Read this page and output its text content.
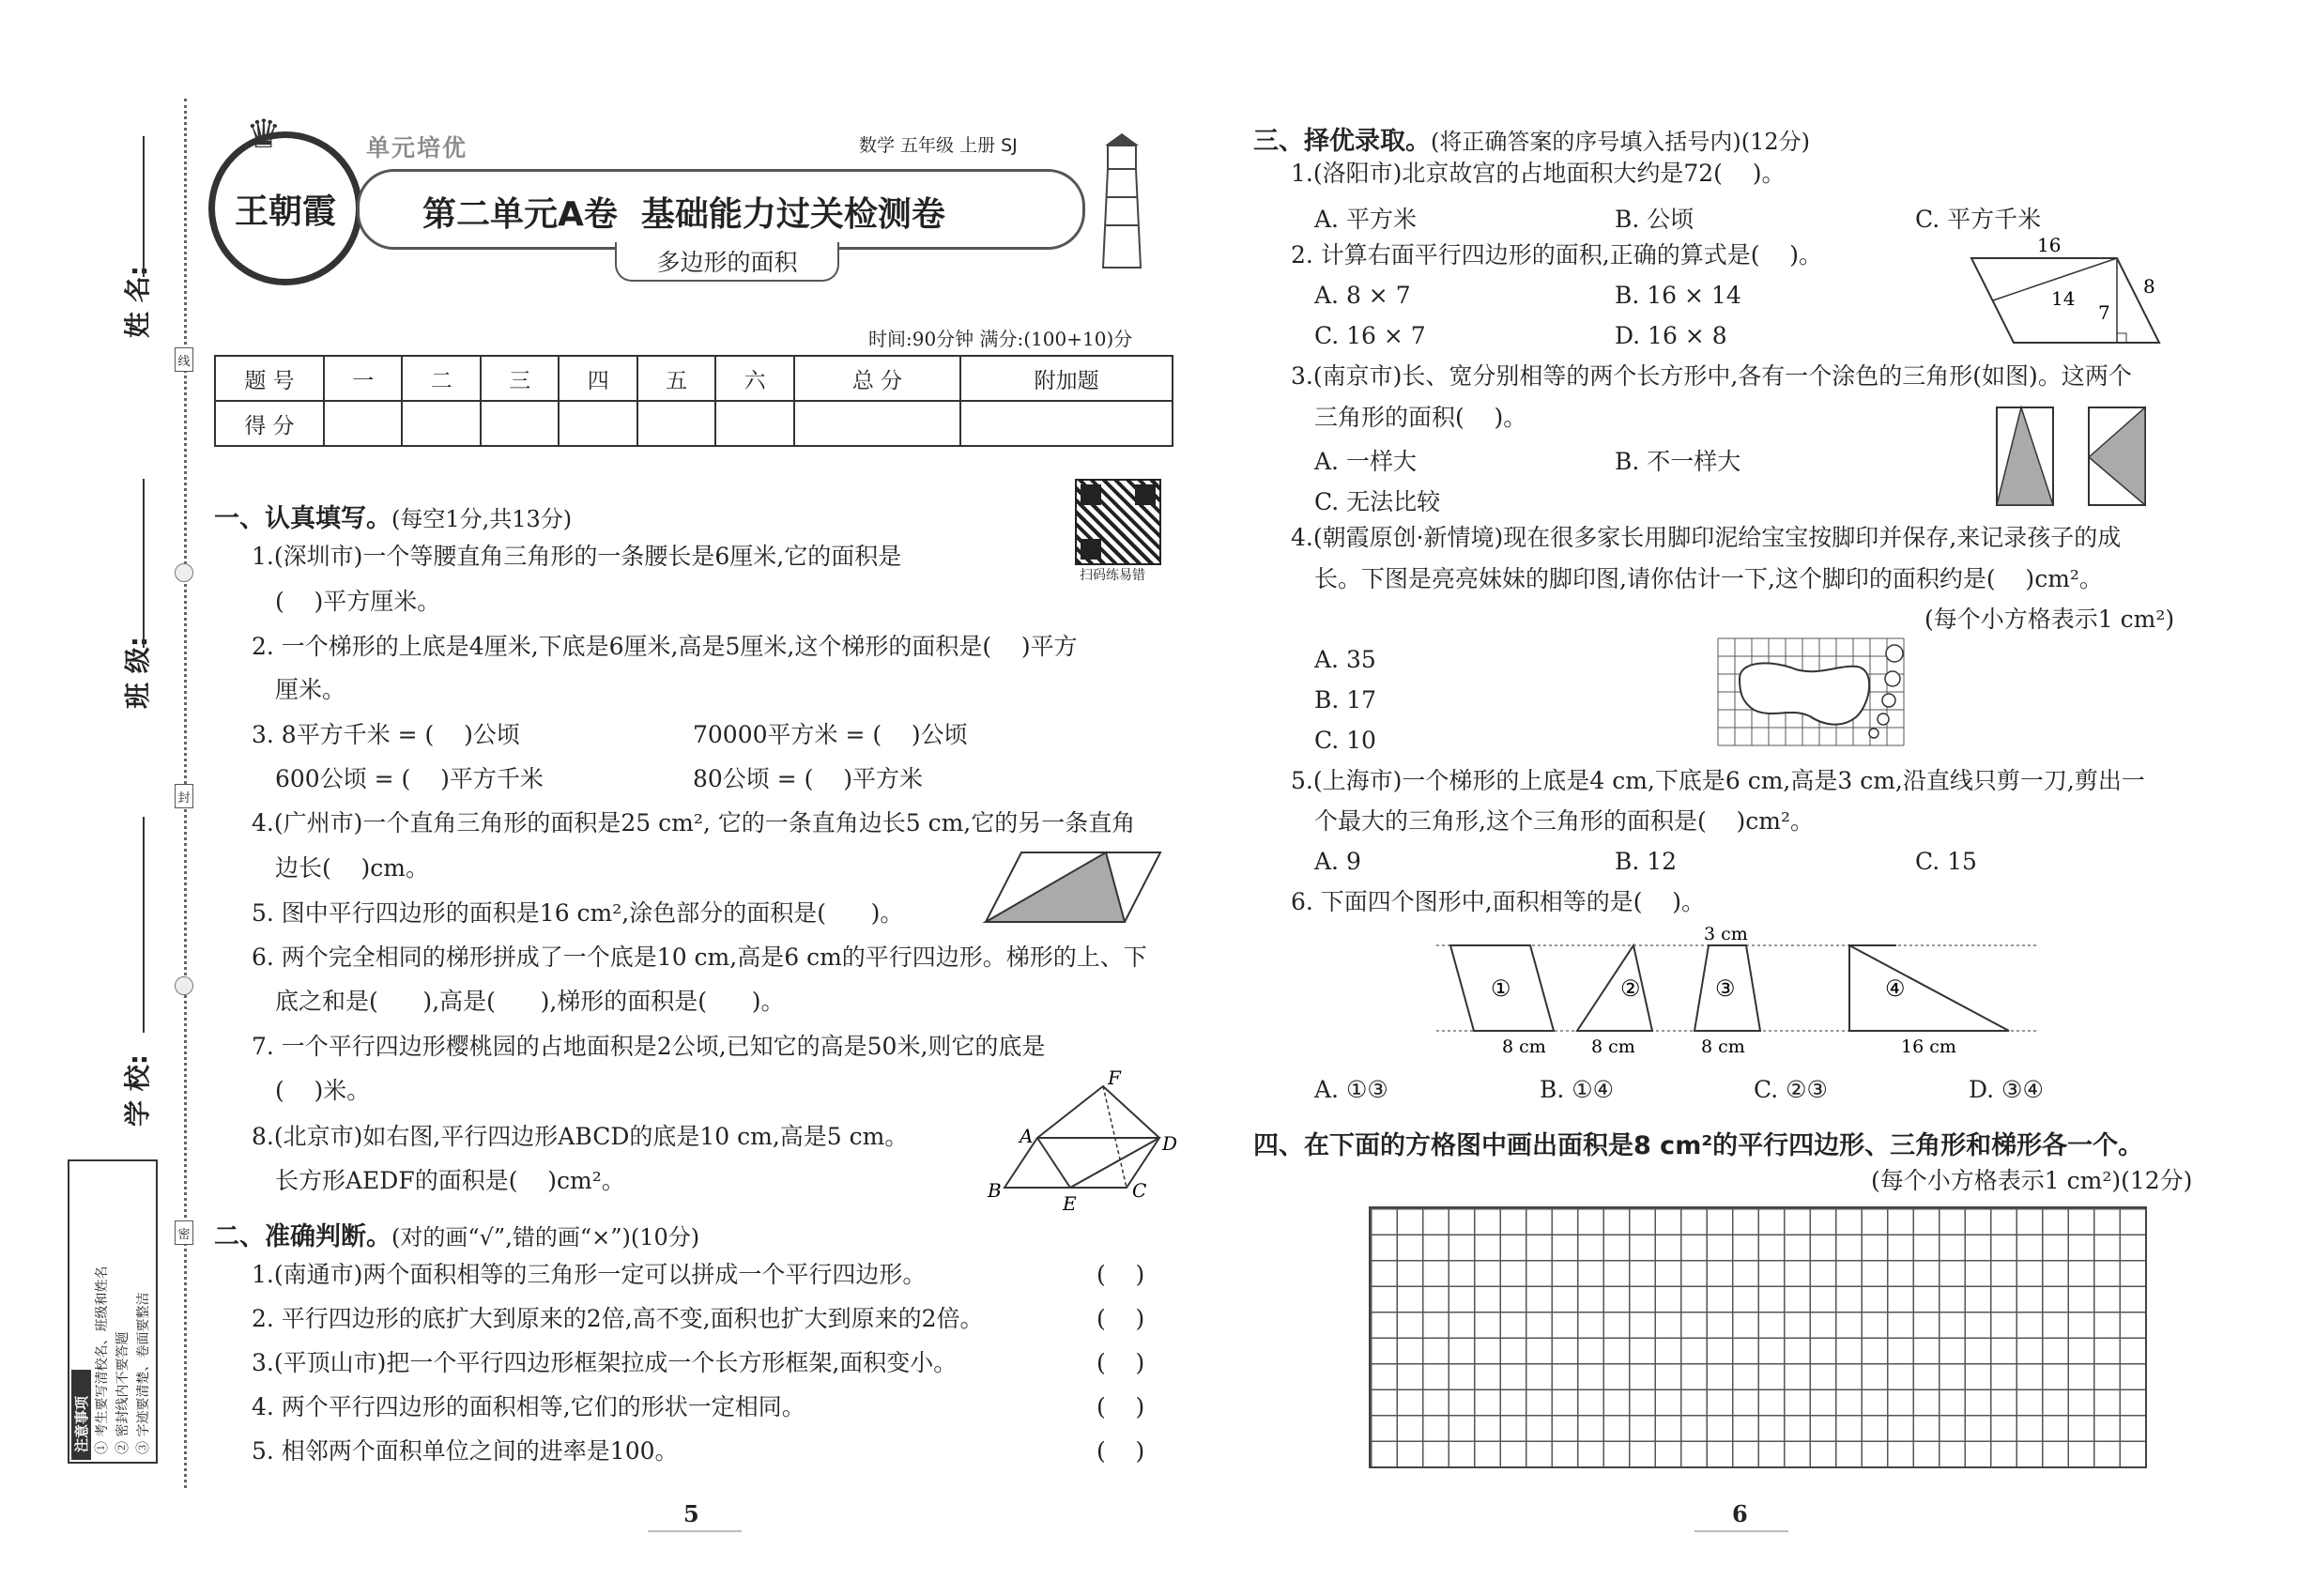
姓 名:
班 级:
学 校:
线
封
密
注意事项 ① 考生要写清校名、班级和姓名 ② 密封线内不要答题 ③ 字迹要清楚、卷面要整洁
王朝霞
♛	单元培优	数学 五年级 上册 SJ
第二单元A卷  基础能力过关检测卷
多边形的面积
时间:90分钟 满分:(100+10)分
题 号	一	二	三	四	五	六	总 分	附加题
得 分								
扫码练易错
一、认真填写。(每空1分,共13分)
1.(深圳市)一个等腰直角三角形的一条腰长是6厘米,它的面积是
(    )平方厘米。
2. 一个梯形的上底是4厘米,下底是6厘米,高是5厘米,这个梯形的面积是(    )平方
厘米。
3. 8平方千米 = (    )公顷	70000平方米 = (    )公顷
600公顷 = (    )平方千米	80公顷 = (    )平方米
4.(广州市)一个直角三角形的面积是25 cm², 它的一条直角边长5 cm,它的另一条直角
边长(    )cm。
5. 图中平行四边形的面积是16 cm²,涂色部分的面积是(      )。
6. 两个完全相同的梯形拼成了一个底是10 cm,高是6 cm的平行四边形。梯形的上、下
底之和是(      ),高是(      ),梯形的面积是(      )。
7. 一个平行四边形樱桃园的占地面积是2公顷,已知它的高是50米,则它的底是
(    )米。
8.(北京市)如右图,平行四边形ABCD的底是10 cm,高是5 cm。
长方形AEDF的面积是(    )cm²。
F
A	D
B
E
C
二、准确判断。(对的画“√”,错的画“×”)(10分)
1.(南通市)两个面积相等的三角形一定可以拼成一个平行四边形。	(    )
2. 平行四边形的底扩大到原来的2倍,高不变,面积也扩大到原来的2倍。	(    )
3.(平顶山市)把一个平行四边形框架拉成一个长方形框架,面积变小。	(    )
4. 两个平行四边形的面积相等,它们的形状一定相同。	(    )
5. 相邻两个面积单位之间的进率是100。	(    )
5
三、择优录取。(将正确答案的序号填入括号内)(12分)
1.(洛阳市)北京故宫的占地面积大约是72(    )。
A. 平方米	B. 公顷	C. 平方千米
2. 计算右面平行四边形的面积,正确的算式是(    )。
A. 8 × 7	B. 16 × 14
C. 16 × 7	D. 16 × 8
16
14
7
8
3.(南京市)长、宽分别相等的两个长方形中,各有一个涂色的三角形(如图)。这两个
三角形的面积(    )。
A. 一样大	B. 不一样大
C. 无法比较
4.(朝霞原创·新情境)现在很多家长用脚印泥给宝宝按脚印并保存,来记录孩子的成
长。下图是亮亮妹妹的脚印图,请你估计一下,这个脚印的面积约是(    )cm²。
(每个小方格表示1 cm²)
A. 35
B. 17
C. 10
5.(上海市)一个梯形的上底是4 cm,下底是6 cm,高是3 cm,沿直线只剪一刀,剪出一
个最大的三角形,这个三角形的面积是(    )cm²。
A. 9	B. 12	C. 15
6. 下面四个图形中,面积相等的是(    )。
3 cm
①	②	③	④
8 cm	8 cm	8 cm	16 cm
A. ①③	B. ①④	C. ②③	D. ③④
四、在下面的方格图中画出面积是8 cm²的平行四边形、三角形和梯形各一个。
(每个小方格表示1 cm²)(12分)
6
